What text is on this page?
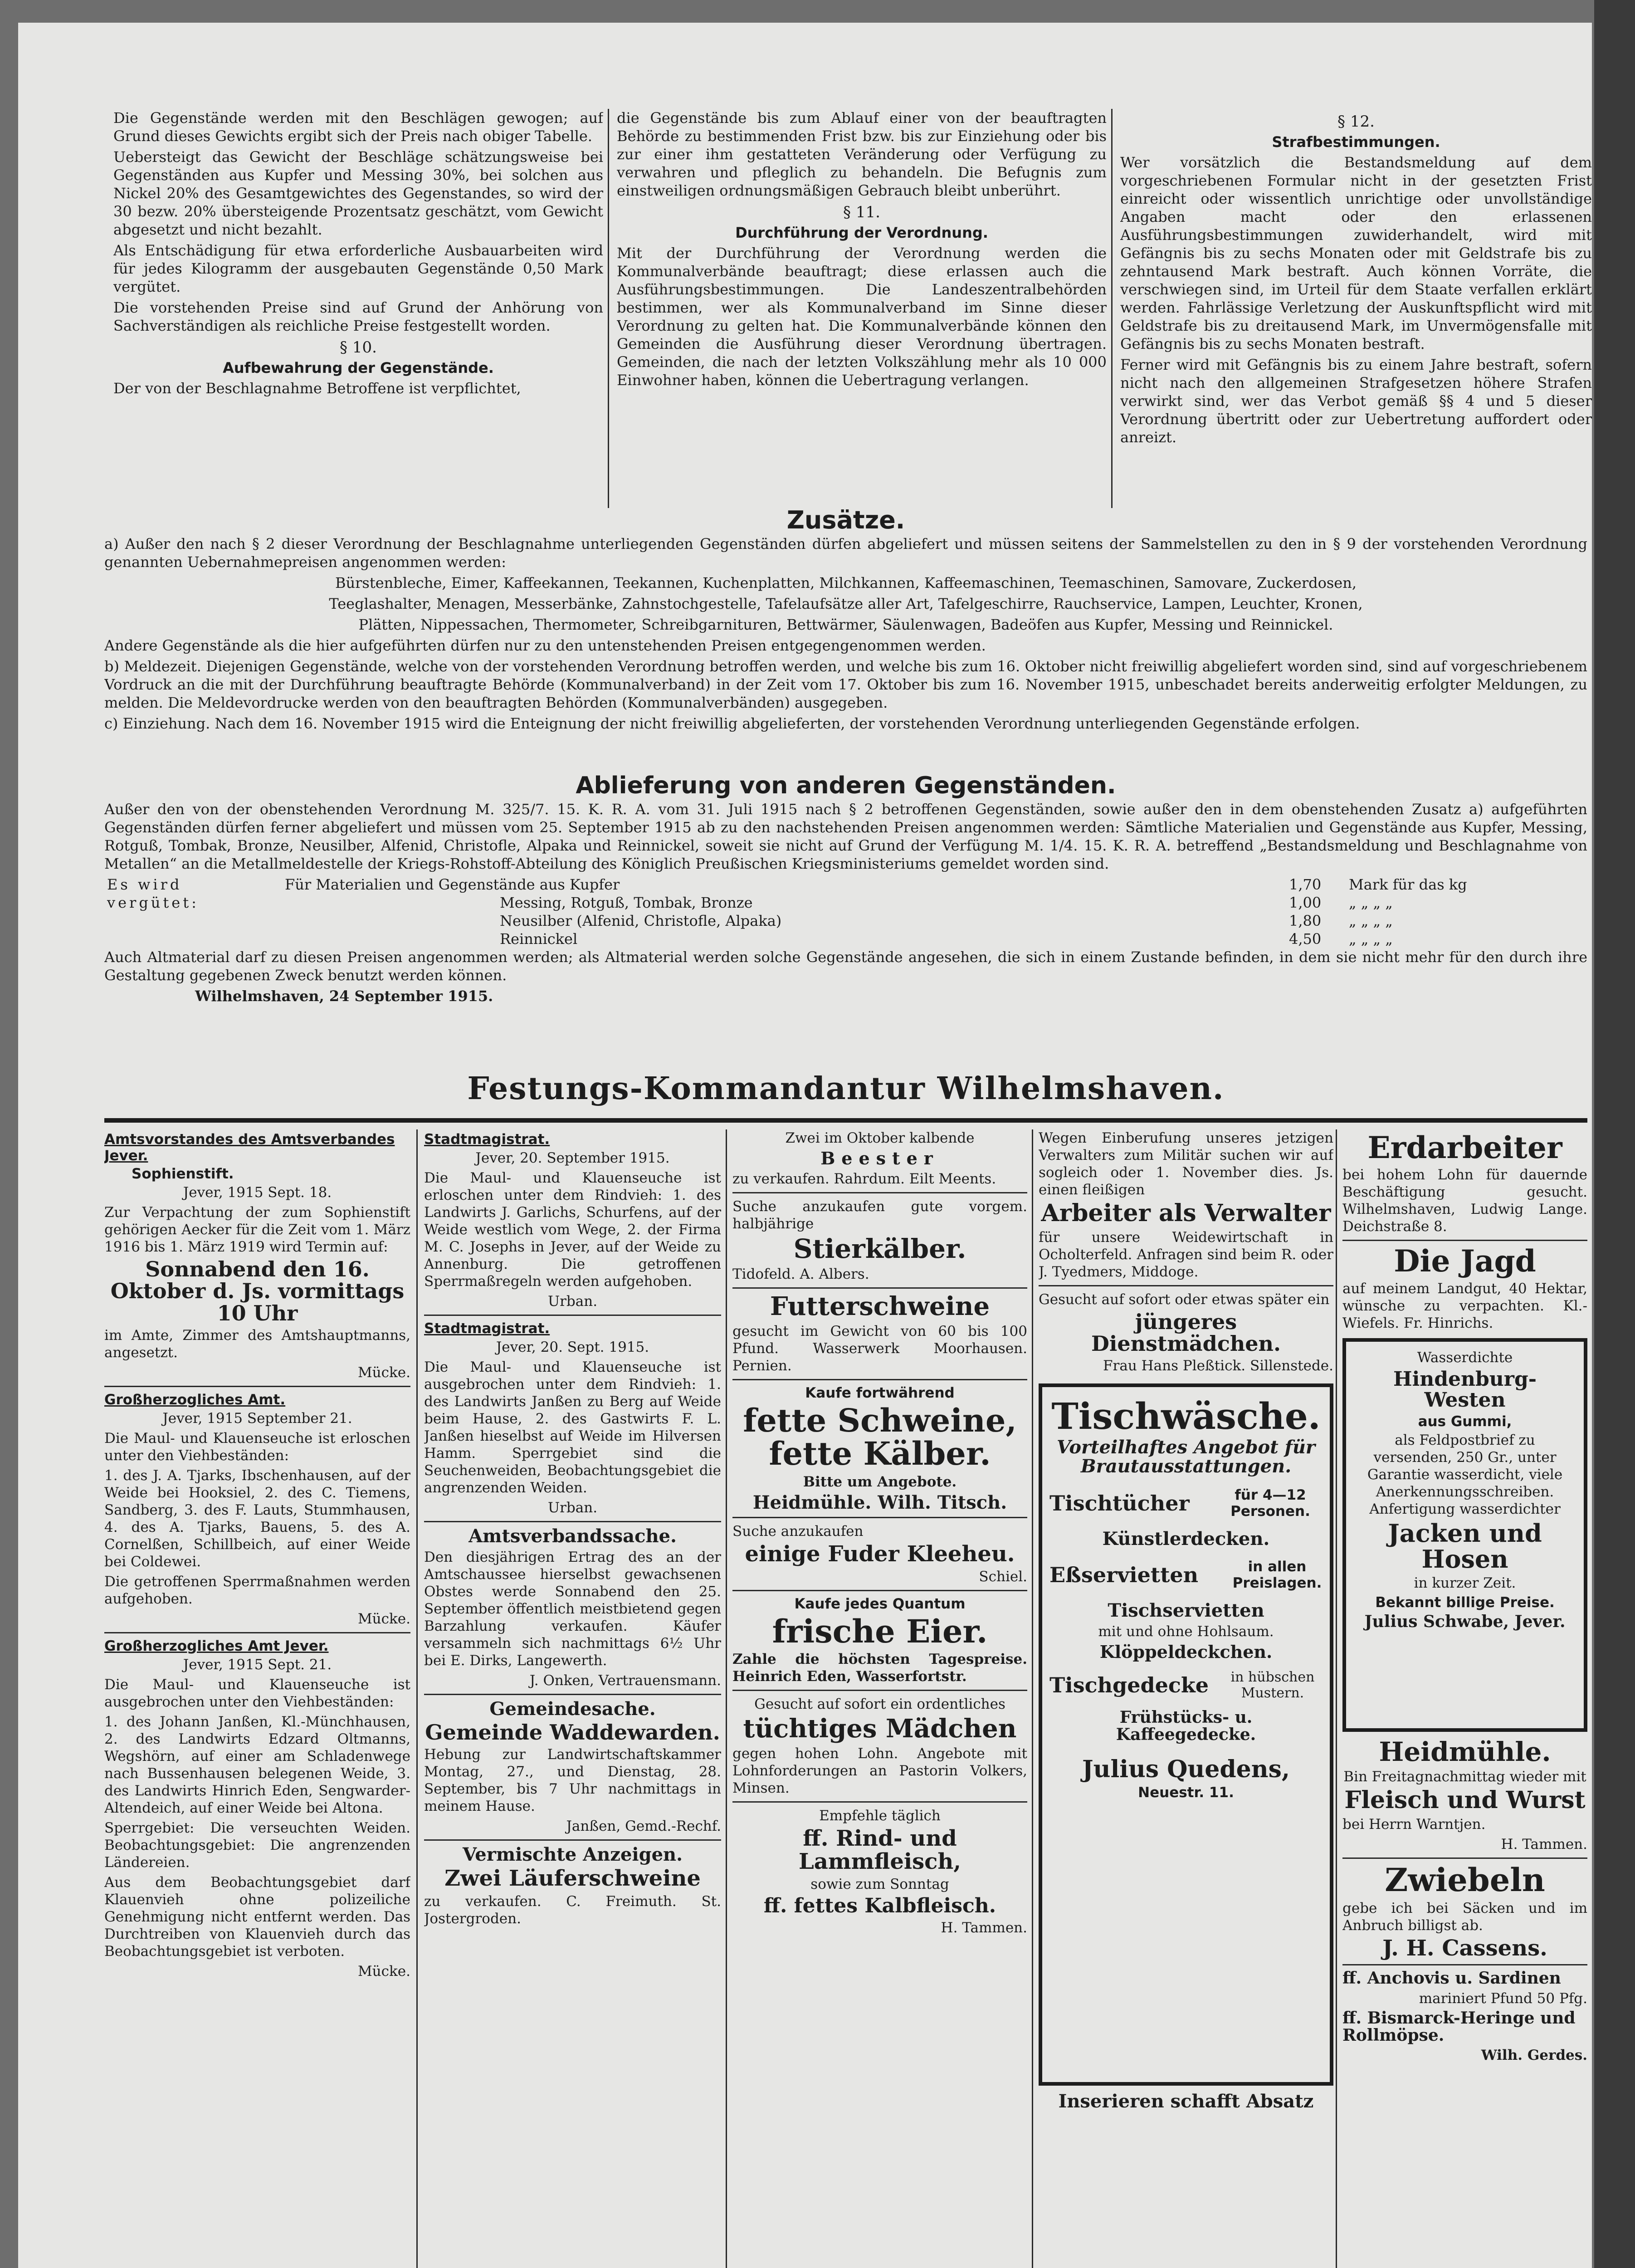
Die Gegenstände werden mit den Beschlägen gewogen; auf Grund dieses Gewichts ergibt sich der Preis nach obiger Tabelle.

Uebersteigt das Gewicht der Beschläge schätzungsweise bei Gegenständen aus Kupfer und Messing 30%, bei solchen aus Nickel 20% des Gesamtgewichtes des Gegenstandes, so wird der 30 bezw. 20% übersteigende Prozentsatz geschätzt, vom Gewicht abgesetzt und nicht bezahlt.

Als Entschädigung für etwa erforderliche Ausbauarbeiten wird für jedes Kilogramm der ausgebauten Gegenstände 0,50 Mark vergütet.

Die vorstehenden Preise sind auf Grund der Anhörung von Sachverständigen als reichliche Preise festgestellt worden.

§ 10.
Aufbewahrung der Gegenstände.

Der von der Beschlagnahme Betroffene ist verpflichtet,

die Gegenstände bis zum Ablauf einer von der beauftragten Behörde zu bestimmenden Frist bzw. bis zur Einziehung oder bis zur einer ihm gestatteten Veränderung oder Verfügung zu verwahren und pfleglich zu behandeln. Die Befugnis zum einstweiligen ordnungsmäßigen Gebrauch bleibt unberührt.

§ 11.
Durchführung der Verordnung.

Mit der Durchführung der Verordnung werden die Kommunalverbände beauftragt; diese erlassen auch die Ausführungsbestimmungen. Die Landeszentralbehörden bestimmen, wer als Kommunalverband im Sinne dieser Verordnung zu gelten hat. Die Kommunalverbände können den Gemeinden die Ausführung dieser Verordnung übertragen. Gemeinden, die nach der letzten Volkszählung mehr als 10 000 Einwohner haben, können die Uebertragung verlangen.

§ 12.
Strafbestimmungen.

Wer vorsätzlich die Bestandsmeldung auf dem vorgeschriebenen Formular nicht in der gesetzten Frist einreicht oder wissentlich unrichtige oder unvollständige Angaben macht oder den erlassenen Ausführungsbestimmungen zuwiderhandelt, wird mit Gefängnis bis zu sechs Monaten oder mit Geldstrafe bis zu zehntausend Mark bestraft. Auch können Vorräte, die verschwiegen sind, im Urteil für dem Staate verfallen erklärt werden. Fahrlässige Verletzung der Auskunftspflicht wird mit Geldstrafe bis zu dreitausend Mark, im Unvermögensfalle mit Gefängnis bis zu sechs Monaten bestraft.

Ferner wird mit Gefängnis bis zu einem Jahre bestraft, sofern nicht nach den allgemeinen Strafgesetzen höhere Strafen verwirkt sind, wer das Verbot gemäß §§ 4 und 5 dieser Verordnung übertritt oder zur Uebertretung auffordert oder anreizt.

Zusätze.

a) Außer den nach § 2 dieser Verordnung der Beschlagnahme unterliegenden Gegenständen dürfen abgeliefert und müssen seitens der Sammelstellen zu den in § 9 der vorstehenden Verordnung genannten Uebernahmepreisen angenommen werden:

Bürstenbleche, Eimer, Kaffeekannen, Teekannen, Kuchenplatten, Milchkannen, Kaffeemaschinen, Teemaschinen, Samovare, Zuckerdosen,

Teeglashalter, Menagen, Messerbänke, Zahnstochgestelle, Tafelaufsätze aller Art, Tafelgeschirre, Rauchservice, Lampen, Leuchter, Kronen,

Plätten, Nippessachen, Thermometer, Schreibgarnituren, Bettwärmer, Säulenwagen, Badeöfen aus Kupfer, Messing und Reinnickel.

Andere Gegenstände als die hier aufgeführten dürfen nur zu den untenstehenden Preisen entgegengenommen werden.

b) Meldezeit. Diejenigen Gegenstände, welche von der vorstehenden Verordnung betroffen werden, und welche bis zum 16. Oktober nicht freiwillig abgeliefert worden sind, sind auf vorgeschriebenem Vordruck an die mit der Durchführung beauftragte Behörde (Kommunalverband) in der Zeit vom 17. Oktober bis zum 16. November 1915, unbeschadet bereits anderweitig erfolgter Meldungen, zu melden. Die Meldevordrucke werden von den beauftragten Behörden (Kommunalverbänden) ausgegeben.

c) Einziehung. Nach dem 16. November 1915 wird die Enteignung der nicht freiwillig abgelieferten, der vorstehenden Verordnung unterliegenden Gegenstände erfolgen.

Ablieferung von anderen Gegenständen.

Außer den von der obenstehenden Verordnung M. 325/7. 15. K. R. A. vom 31. Juli 1915 nach § 2 betroffenen Gegenständen, sowie außer den in dem obenstehenden Zusatz a) aufgeführten Gegenständen dürfen ferner abgeliefert und müssen vom 25. September 1915 ab zu den nachstehenden Preisen angenommen werden: Sämtliche Materialien und Gegenstände aus Kupfer, Messing, Rotguß, Tombak, Bronze, Neusilber, Alfenid, Christofle, Alpaka und Reinnickel, soweit sie nicht auf Grund der Verfügung M. 1/4. 15. K. R. A. betreffend „Bestandsmeldung und Beschlagnahme von Metallen“ an die Metallmeldestelle der Kriegs-Rohstoff-Abteilung des Königlich Preußischen Kriegsministeriums gemeldet worden sind.

Es wird vergütet:	Für Materialien und Gegenstände aus Kupfer	1,70	Mark für das kg
	Messing, Rotguß, Tombak, Bronze	1,00	„ „ „ „
	Neusilber (Alfenid, Christofle, Alpaka)	1,80	„ „ „ „
	Reinnickel	4,50	„ „ „ „

Auch Altmaterial darf zu diesen Preisen angenommen werden; als Altmaterial werden solche Gegenstände angesehen, die sich in einem Zustande befinden, in dem sie nicht mehr für den durch ihre Gestaltung gegebenen Zweck benutzt werden können.

Wilhelmshaven, 24 September 1915.

Festungs-Kommandantur Wilhelmshaven.
Amtsvorstandes des Amtsverbandes Jever.
Sophienstift.

Jever, 1915 Sept. 18.

Zur Verpachtung der zum Sophienstift gehörigen Aecker für die Zeit vom 1. März 1916 bis 1. März 1919 wird Termin auf:

Sonnabend den 16. Oktober d. Js. vormittags 10 Uhr

im Amte, Zimmer des Amtshauptmanns, angesetzt.

Mücke.

Großherzogliches Amt.

Jever, 1915 September 21.

Die Maul- und Klauenseuche ist erloschen unter den Viehbeständen:

1. des J. A. Tjarks, Ibschenhausen, auf der Weide bei Hooksiel, 2. des C. Tiemens, Sandberg, 3. des F. Lauts, Stummhausen, 4. des A. Tjarks, Bauens, 5. des A. Cornelßen, Schillbeich, auf einer Weide bei Coldewei.

Die getroffenen Sperrmaßnahmen werden aufgehoben.

Mücke.

Großherzogliches Amt Jever.

Jever, 1915 Sept. 21.

Die Maul- und Klauenseuche ist ausgebrochen unter den Viehbeständen:

1. des Johann Janßen, Kl.-Münchhausen, 2. des Landwirts Edzard Oltmanns, Wegshörn, auf einer am Schladenwege nach Bussenhausen belegenen Weide, 3. des Landwirts Hinrich Eden, Sengwarder-Altendeich, auf einer Weide bei Altona.

Sperrgebiet: Die verseuchten Weiden. Beobachtungsgebiet: Die angrenzenden Ländereien.

Aus dem Beobachtungsgebiet darf Klauenvieh ohne polizeiliche Genehmigung nicht entfernt werden. Das Durchtreiben von Klauenvieh durch das Beobachtungsgebiet ist verboten.

Mücke.

Stadtmagistrat.

Jever, 20. September 1915.

Die Maul- und Klauenseuche ist erloschen unter dem Rindvieh: 1. des Landwirts J. Garlichs, Schurfens, auf der Weide westlich vom Wege, 2. der Firma M. C. Josephs in Jever, auf der Weide zu Annenburg. Die getroffenen Sperrmaßregeln werden aufgehoben.

Urban.

Stadtmagistrat.

Jever, 20. Sept. 1915.

Die Maul- und Klauenseuche ist ausgebrochen unter dem Rindvieh: 1. des Landwirts Janßen zu Berg auf Weide beim Hause, 2. des Gastwirts F. L. Janßen hieselbst auf Weide im Hilversen Hamm. Sperrgebiet sind die Seuchenweiden, Beobachtungsgebiet die angrenzenden Weiden.

Urban.

Amtsverbandssache.

Den diesjährigen Ertrag des an der Amtschaussee hierselbst gewachsenen Obstes werde Sonnabend den 25. September öffentlich meistbietend gegen Barzahlung verkaufen. Käufer versammeln sich nachmittags 6½ Uhr bei E. Dirks, Langewerth.

J. Onken, Vertrauensmann.

Gemeindesache.
Gemeinde Waddewarden.

Hebung zur Landwirtschaftskammer Montag, 27., und Dienstag, 28. September, bis 7 Uhr nachmittags in meinem Hause.

Janßen, Gemd.-Rechf.

Vermischte Anzeigen.
Zwei Läuferschweine

zu verkaufen. C. Freimuth. St. Jostergroden.

Zwei im Oktober kalbende

Beester

zu verkaufen. Rahrdum. Eilt Meents.

Suche anzukaufen gute vorgem. halbjährige

Stierkälber.

Tidofeld. A. Albers.

Futterschweine

gesucht im Gewicht von 60 bis 100 Pfund. Wasserwerk Moorhausen. Pernien.

Kaufe fortwährend
fette Schweine, fette Kälber.

Bitte um Angebote.

Heidmühle. Wilh. Titsch.

Suche anzukaufen

einige Fuder Kleeheu.

Schiel.

Kaufe jedes Quantum
frische Eier.

Zahle die höchsten Tagespreise. Heinrich Eden, Wasserfortstr.

Gesucht auf sofort ein ordentliches

tüchtiges Mädchen

gegen hohen Lohn. Angebote mit Lohnforderungen an Pastorin Volkers, Minsen.

Empfehle täglich

ff. Rind- und Lammfleisch,

sowie zum Sonntag

ff. fettes Kalbfleisch.

H. Tammen.

Wegen Einberufung unseres jetzigen Verwalters zum Militär suchen wir auf sogleich oder 1. November dies. Js. einen fleißigen

Arbeiter als Verwalter

für unsere Weidewirtschaft in Ocholterfeld. Anfragen sind beim R. oder J. Tyedmers, Middoge.

Gesucht auf sofort oder etwas später ein

jüngeres Dienstmädchen.

Frau Hans Pleßtick. Sillenstede.

Tischwäsche.
Vorteilhaftes Angebot für Brautausstattungen.
Tischtücher	für 4—12 Personen.
Künstlerdecken.
Eßservietten	in allen Preislagen.
Tischservietten

mit und ohne Hohlsaum.

Klöppeldeckchen.
Tischgedecke	in hübschen Mustern.
Frühstücks- u. Kaffeegedecke.
Julius Quedens,
Neuestr. 11.
Inserieren schafft Absatz
Erdarbeiter

bei hohem Lohn für dauernde Beschäftigung gesucht. Wilhelmshaven, Ludwig Lange. Deichstraße 8.

Die Jagd

auf meinem Landgut, 40 Hektar, wünsche zu verpachten. Kl.-Wiefels. Fr. Hinrichs.

Wasserdichte

Hindenburg-Westen
aus Gummi,

als Feldpostbrief zu versenden, 250 Gr., unter Garantie wasserdicht, viele Anerkennungsschreiben. Anfertigung wasserdichter

Jacken und Hosen

in kurzer Zeit.

Bekannt billige Preise.
Julius Schwabe, Jever.
Heidmühle.

Bin Freitagnachmittag wieder mit

Fleisch und Wurst

bei Herrn Warntjen.

H. Tammen.

Zwiebeln

gebe ich bei Säcken und im Anbruch billigst ab.

J. H. Cassens.
ff. Anchovis u. Sardinen

mariniert Pfund 50 Pfg.

ff. Bismarck-Heringe und Rollmöpse.

Wilh. Gerdes.
